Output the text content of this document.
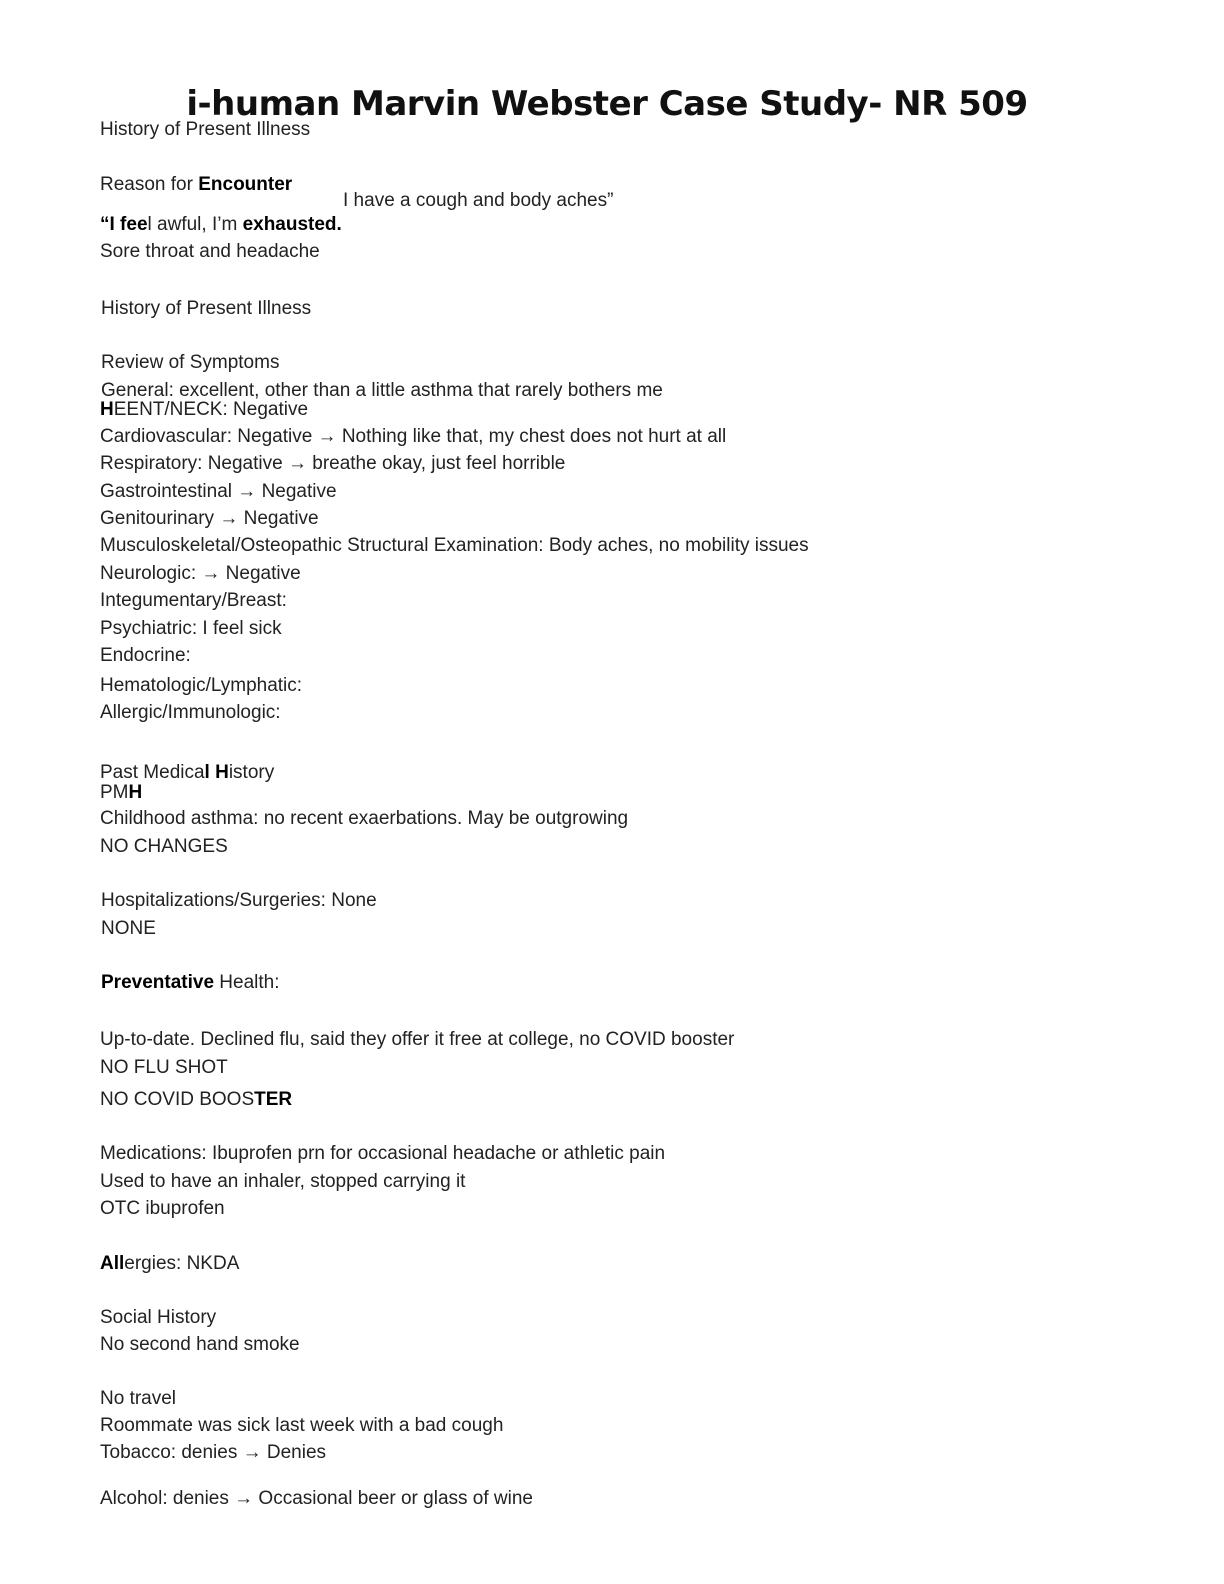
i-human Marvin Webster Case Study- NR 509
History of Present Illness
Reason for Encounter
I have a cough and body aches”
“I feel awful, I’m exhausted.
Sore throat and headache
History of Present Illness
Review of Symptoms
General: excellent, other than a little asthma that rarely bothers me
HEENT/NECK: Negative
Cardiovascular: Negative → Nothing like that, my chest does not hurt at all
Respiratory: Negative → breathe okay, just feel horrible
Gastrointestinal → Negative
Genitourinary → Negative
Musculoskeletal/Osteopathic Structural Examination: Body aches, no mobility issues
Neurologic: → Negative
Integumentary/Breast:
Psychiatric: I feel sick
Endocrine:
Hematologic/Lymphatic:
Allergic/Immunologic:
Past Medical History
PMH
Childhood asthma: no recent exaerbations. May be outgrowing
NO CHANGES
Hospitalizations/Surgeries: None
NONE
Preventative Health:
Up-to-date. Declined flu, said they offer it free at college, no COVID booster
NO FLU SHOT
NO COVID BOOSTER
Medications: Ibuprofen prn for occasional headache or athletic pain
Used to have an inhaler, stopped carrying it
OTC ibuprofen
Allergies: NKDA
Social History
No second hand smoke
No travel
Roommate was sick last week with a bad cough
Tobacco: denies → Denies
Alcohol: denies → Occasional beer or glass of wine
